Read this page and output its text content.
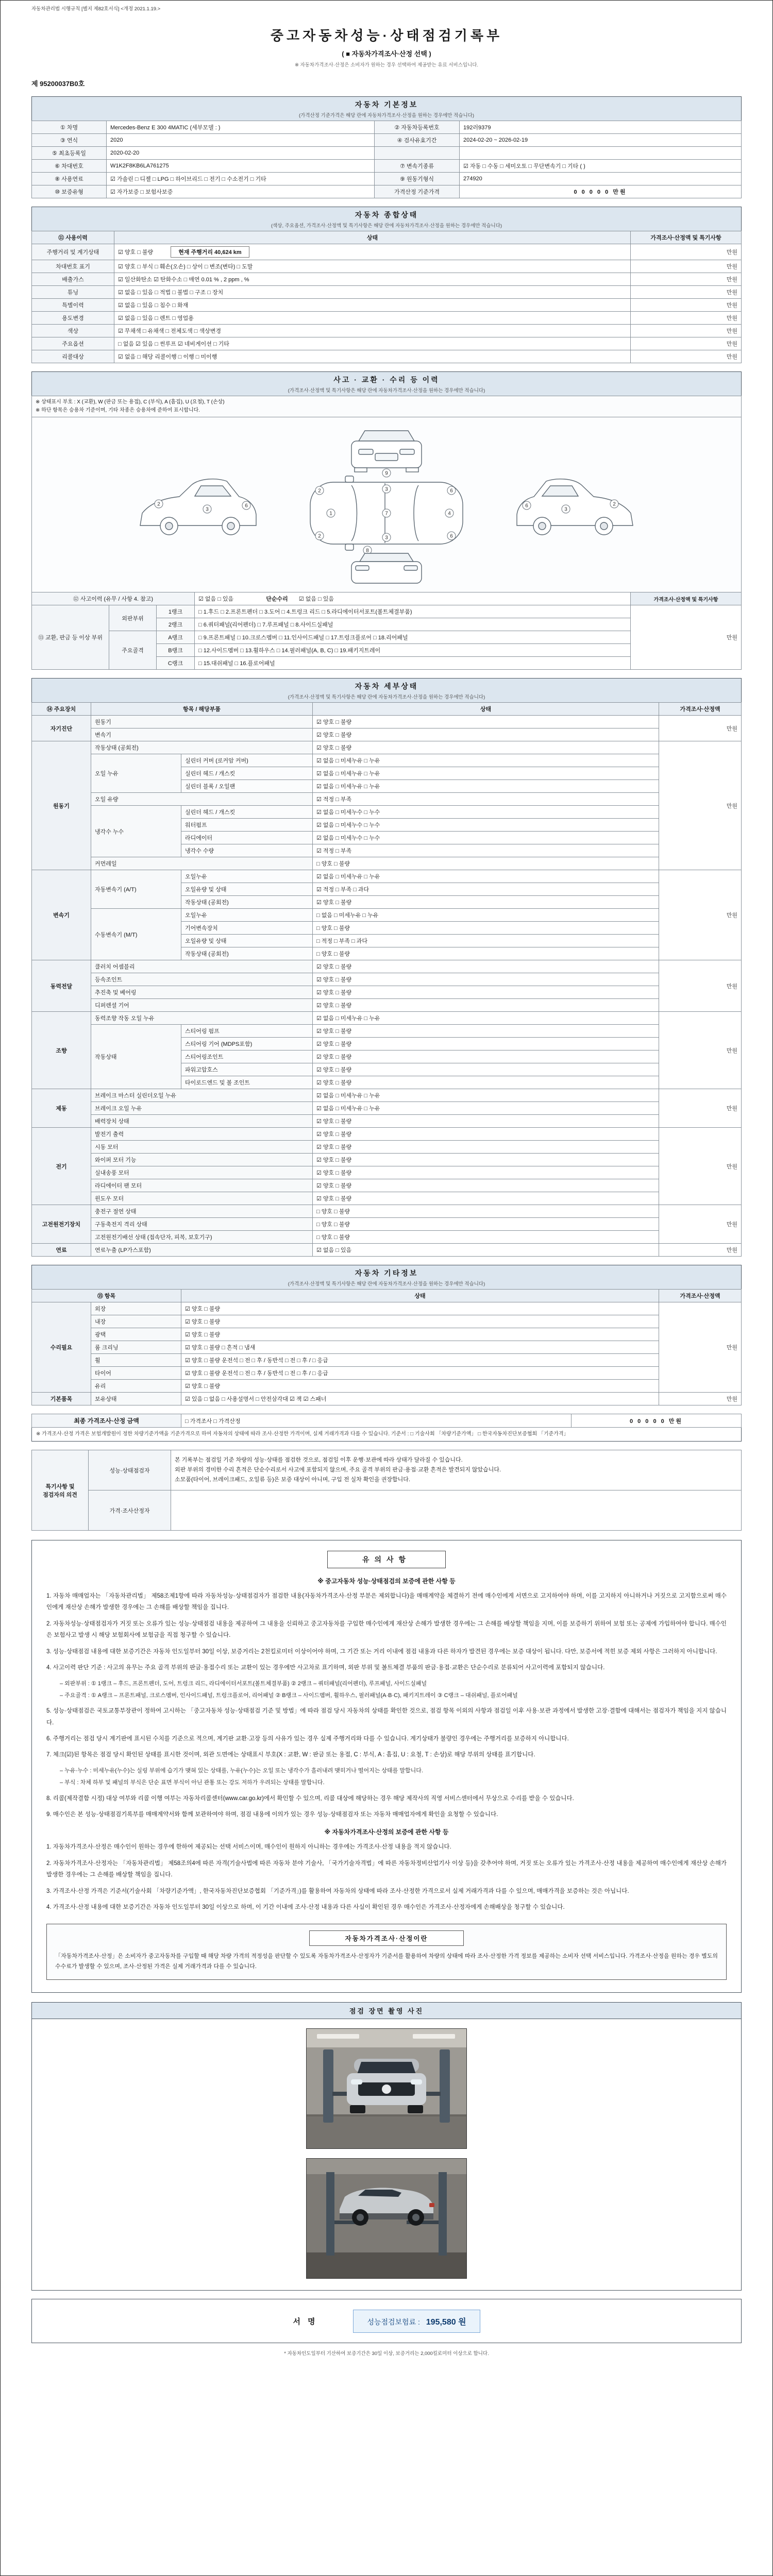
자동차관리법 시행규칙 [별지 제82호서식] <개정 2021.1.19.>
중고자동차성능·상태점검기록부
( ■ 자동차가격조사·산정 선택 )
※ 자동차가격조사·산정은 소비자가 원하는 경우 선택하여 제공받는 유료 서비스입니다.
제 95200037B0호
자동차 기본정보
(가격산정 기준가격은 해당 란에 자동차가격조사·산정을 원하는 경우에만 적습니다)
① 차명	Mercedes-Benz E 300 4MATIC (세부모델 : )	② 자동차등록번호	192러9379
③ 연식	2020	④ 검사유효기간	2024-02-20 ~ 2026-02-19
⑤ 최초등록일	2020-02-20		
⑥ 차대번호	W1K2F8KB6LA761275	⑦ 변속기종류	☑ 자동 □ 수동 □ 세미오토 □ 무단변속기 □ 기타 ( )
⑧ 사용연료	☑ 가솔린 □ 디젤 □ LPG □ 하이브리드 □ 전기 □ 수소전기 □ 기타	⑨ 원동기형식	274920
⑩ 보증유형	☑ 자가보증 □ 보험사보증	가격산정 기준가격	0 0 0 0 0 만원
자동차 종합상태
(색상, 주요옵션, 가격조사·산정액 및 특기사항은 해당 란에 자동차가격조사·산정을 원하는 경우에만 적습니다)
⑪ 사용이력	상태	가격조사·산정액 및 특기사항
주행거리 및 계기상태	☑ 양호 □ 불량 현재 주행거리 40,624 km	만원
차대번호 표기	☑ 양호 □ 부식 □ 훼손(오손) □ 상이 □ 변조(변타) □ 도말	만원
배출가스	☑ 일산화탄소 ☑ 탄화수소 □ 매연 0.01 % , 2 ppm , %	만원
튜닝	☑ 없음 □ 있음 □ 적법 □ 불법 □ 구조 □ 장치	만원
특별이력	☑ 없음 □ 있음 □ 침수 □ 화재	만원
용도변경	☑ 없음 □ 있음 □ 렌트 □ 영업용	만원
색상	☑ 무채색 □ 유채색 □ 전체도색 □ 색상변경	만원
주요옵션	□ 없음 ☑ 있음 □ 썬루프 ☑ 네비게이션 □ 기타	만원
리콜대상	☑ 없음 □ 해당 리콜이행 □ 이행 □ 미이행	만원
사고 · 교환 · 수리 등 이력
(가격조사·산정액 및 특기사항은 해당 란에 자동차가격조사·산정을 원하는 경우에만 적습니다)
※ 상태표시 부호 : X (교환), W (판금 또는 용접), C (부식), A (흠집), U (요철), T (손상)
※ 하단 항목은 승용차 기준이며, 기타 차종은 승용차에 준하여 표시합니다.				

2
3
6	2
3
6
9
1	7	4
3
3
2
2
6
6
8

⑫ 사고이력 (유무 / 사항 4. 참고)			☑ 없음 □ 있음 단순수리 ☑ 없음 □ 있음	가격조사·산정액 및 특기사항
⑬ 교환, 판금 등 이상 부위	외판부위	1랭크	□ 1.후드 □ 2.프론트펜더 □ 3.도어 □ 4.트렁크 리드 □ 5.라디에이터서포트(볼트체결부품)	만원
		2랭크	□ 6.쿼터패널(리어펜더) □ 7.루프패널 □ 8.사이드실패널	
	주요골격	A랭크	□ 9.프론트패널 □ 10.크로스멤버 □ 11.인사이드패널 □ 17.트렁크플로어 □ 18.리어패널	
		B랭크	□ 12.사이드멤버 □ 13.휠하우스 □ 14.필러패널(A, B, C) □ 19.패키지트레이	
		C랭크	□ 15.대쉬패널 □ 16.플로어패널	
자동차 세부상태
(가격조사·산정액 및 특기사항은 해당 란에 자동차가격조사·산정을 원하는 경우에만 적습니다)
⑭ 주요장치	항목 / 해당부품		상태	가격조사·산정액
자기진단	원동기		☑ 양호 □ 불량	만원
	변속기		☑ 양호 □ 불량	
원동기	작동상태 (공회전)		☑ 양호 □ 불량	만원
	오일 누유	실린더 커버 (로커암 커버)	☑ 없음 □ 미세누유 □ 누유	
		실린더 헤드 / 개스킷	☑ 없음 □ 미세누유 □ 누유	
		실린더 블록 / 오일팬	☑ 없음 □ 미세누유 □ 누유	
	오일 유량		☑ 적정 □ 부족	
	냉각수 누수	실린더 헤드 / 개스킷	☑ 없음 □ 미세누수 □ 누수	
		워터펌프	☑ 없음 □ 미세누수 □ 누수	
		라디에이터	☑ 없음 □ 미세누수 □ 누수	
		냉각수 수량	☑ 적정 □ 부족	
	커먼레일		□ 양호 □ 불량	
변속기	자동변속기 (A/T)	오일누유	☑ 없음 □ 미세누유 □ 누유	만원
		오일유량 및 상태	☑ 적정 □ 부족 □ 과다	
		작동상태 (공회전)	☑ 양호 □ 불량	
	수동변속기 (M/T)	오일누유	□ 없음 □ 미세누유 □ 누유	
		기어변속장치	□ 양호 □ 불량	
		오일유량 및 상태	□ 적정 □ 부족 □ 과다	
		작동상태 (공회전)	□ 양호 □ 불량	
동력전달	클러치 어셈블리		☑ 양호 □ 불량	만원
	등속조인트		☑ 양호 □ 불량	
	추진축 및 베어링		☑ 양호 □ 불량	
	디퍼렌셜 기어		☑ 양호 □ 불량	
조향	동력조향 작동 오일 누유		☑ 없음 □ 미세누유 □ 누유	만원
	작동상태	스티어링 펌프	☑ 양호 □ 불량	
		스티어링 기어 (MDPS포함)	☑ 양호 □ 불량	
		스티어링조인트	☑ 양호 □ 불량	
		파워고압호스	☑ 양호 □ 불량	
		타이로드엔드 및 볼 조인트	☑ 양호 □ 불량	
제동	브레이크 마스터 실린더오일 누유		☑ 없음 □ 미세누유 □ 누유	만원
	브레이크 오일 누유		☑ 없음 □ 미세누유 □ 누유	
	배력장치 상태		☑ 양호 □ 불량	
전기	발전기 출력		☑ 양호 □ 불량	만원
	시동 모터		☑ 양호 □ 불량	
	와이퍼 모터 기능		☑ 양호 □ 불량	
	실내송풍 모터		☑ 양호 □ 불량	
	라디에이터 팬 모터		☑ 양호 □ 불량	
	윈도우 모터		☑ 양호 □ 불량	
고전원전기장치	충전구 절연 상태		□ 양호 □ 불량	만원
	구동축전지 격리 상태		□ 양호 □ 불량	
	고전원전기배선 상태 (접속단자, 피복, 보호기구)		□ 양호 □ 불량	
연료	연료누출 (LP가스포함)		☑ 없음 □ 있음	만원
자동차 기타정보
(가격조사·산정액 및 특기사항은 해당 란에 자동차가격조사·산정을 원하는 경우에만 적습니다)
⑮ 항목		상태	가격조사·산정액
수리필요	외장	☑ 양호 □ 불량	만원
	내장	☑ 양호 □ 불량	
	광택	☑ 양호 □ 불량	
	룸 크리닝	☑ 양호 □ 불량 □ 흔적 □ 냄새	
	휠	☑ 양호 □ 불량 운전석 □ 전 □ 후 / 동반석 □ 전 □ 후 / □ 응급	
	타이어	☑ 양호 □ 불량 운전석 □ 전 □ 후 / 동반석 □ 전 □ 후 / □ 응급	
	유리	☑ 양호 □ 불량	
기본품목	보유상태	☑ 있음 □ 없음 □ 사용설명서 □ 안전삼각대 ☑ 잭 ☑ 스패너	만원
최종 가격조사·산정 금액	□ 가격조사 □ 가격산정	0 0 0 0 0 만원
※ 가격조사·산정 가격은 보험개발원이 정한 차량기준가액을 기준가격으로 하여 자동차의 상태에 따라 조사·산정한 가격이며, 실제 거래가격과 다를 수 있습니다. 기준서 : □ 기술사회 「차량기준가액」 □ 한국자동차진단보증협회 「기준가격」
특기사항 및 점검자의 의견	성능·상태점검자	본 기록부는 점검일 기준 차량의 성능·상태를 점검한 것으로, 점검일 이후 운행·보관에 따라 상태가 달라질 수 있습니다.
외판 부위의 경미한 수리 흔적은 단순수리로서 사고에 포함되지 않으며, 주요 골격 부위의 판금·용접·교환 흔적은 발견되지 않았습니다.
소모품(타이어, 브레이크패드, 오일류 등)은 보증 대상이 아니며, 구입 전 실차 확인을 권장합니다.

	가격·조사산정자	
유의사항

※ 중고자동차 성능·상태점검의 보증에 관한 사항 등

1. 자동차 매매업자는 「자동차관리법」 제58조제1항에 따라 자동차성능·상태점검자가 점검한 내용(자동차가격조사·산정 부분은 제외합니다)을 매매계약을 체결하기 전에 매수인에게 서면으로 고지하여야 하며, 이를 고지하지 아니하거나 거짓으로 고지함으로써 매수인에게 재산상 손해가 발생한 경우에는 그 손해를 배상할 책임을 집니다.

2. 자동차성능·상태점검자가 거짓 또는 오류가 있는 성능·상태점검 내용을 제공하여 그 내용을 신뢰하고 중고자동차를 구입한 매수인에게 재산상 손해가 발생한 경우에는 그 손해를 배상할 책임을 지며, 이를 보증하기 위하여 보험 또는 공제에 가입하여야 합니다. 매수인은 보험사고 발생 시 해당 보험회사에 보험금을 직접 청구할 수 있습니다.

3. 성능·상태점검 내용에 대한 보증기간은 자동차 인도일부터 30일 이상, 보증거리는 2천킬로미터 이상이어야 하며, 그 기간 또는 거리 이내에 점검 내용과 다른 하자가 발견된 경우에는 보증 대상이 됩니다. 다만, 보증서에 적힌 보증 제외 사항은 그러하지 아니합니다.

4. 사고이력 판단 기준 : 사고의 유무는 주요 골격 부위의 판금·용접수리 또는 교환이 있는 경우에만 사고차로 표기하며, 외판 부위 및 볼트체결 부품의 판금·용접·교환은 단순수리로 분류되어 사고이력에 포함되지 않습니다.

– 외판부위 : ① 1랭크 – 후드, 프론트펜더, 도어, 트렁크 리드, 라디에이터서포트(볼트체결부품) ② 2랭크 – 쿼터패널(리어펜더), 루프패널, 사이드실패널

– 주요골격 : ① A랭크 – 프론트패널, 크로스멤버, 인사이드패널, 트렁크플로어, 리어패널 ② B랭크 – 사이드멤버, 휠하우스, 필러패널(A·B·C), 패키지트레이 ③ C랭크 – 대쉬패널, 플로어패널

5. 성능·상태점검은 국토교통부장관이 정하여 고시하는 「중고자동차 성능·상태점검 기준 및 방법」에 따라 점검 당시 자동차의 상태를 확인한 것으로, 점검 항목 이외의 사항과 점검일 이후 사용·보관 과정에서 발생한 고장·결함에 대해서는 점검자가 책임을 지지 않습니다.

6. 주행거리는 점검 당시 계기판에 표시된 수치를 기준으로 적으며, 계기판 교환·고장 등의 사유가 있는 경우 실제 주행거리와 다를 수 있습니다. 계기상태가 불량인 경우에는 주행거리를 보증하지 아니합니다.

7. 체크(☑)된 항목은 점검 당시 확인된 상태를 표시한 것이며, 외관 도면에는 상태표시 부호(X : 교환, W : 판금 또는 용접, C : 부식, A : 흠집, U : 요철, T : 손상)로 해당 부위의 상태를 표기합니다.

– 누유·누수 : 미세누유(누수)는 실링 부위에 습기가 맺혀 있는 상태를, 누유(누수)는 오일 또는 냉각수가 흘러내려 맺히거나 떨어지는 상태를 말합니다.

– 부식 : 차체 하부 및 패널의 부식은 단순 표면 부식이 아닌 관통 또는 강도 저하가 우려되는 상태를 말합니다.

8. 리콜(제작결함 시정) 대상 여부와 리콜 이행 여부는 자동차리콜센터(www.car.go.kr)에서 확인할 수 있으며, 리콜 대상에 해당하는 경우 해당 제작사의 직영 서비스센터에서 무상으로 수리를 받을 수 있습니다.

9. 매수인은 본 성능·상태점검기록부를 매매계약서와 함께 보관하여야 하며, 점검 내용에 이의가 있는 경우 성능·상태점검자 또는 자동차 매매업자에게 확인을 요청할 수 있습니다.

※ 자동차가격조사·산정의 보증에 관한 사항 등

1. 자동차가격조사·산정은 매수인이 원하는 경우에 한하여 제공되는 선택 서비스이며, 매수인이 원하지 아니하는 경우에는 가격조사·산정 내용을 적지 않습니다.

2. 자동차가격조사·산정자는 「자동차관리법」 제58조의4에 따른 자격(기술사법에 따른 자동차 분야 기술사, 「국가기술자격법」에 따른 자동차정비산업기사 이상 등)을 갖추어야 하며, 거짓 또는 오류가 있는 가격조사·산정 내용을 제공하여 매수인에게 재산상 손해가 발생한 경우에는 그 손해를 배상할 책임을 집니다.

3. 가격조사·산정 가격은 기준서(기술사회 「차량기준가액」, 한국자동차진단보증협회 「기준가격」)를 활용하여 자동차의 상태에 따라 조사·산정한 가격으로서 실제 거래가격과 다를 수 있으며, 매매가격을 보증하는 것은 아닙니다.

4. 가격조사·산정 내용에 대한 보증기간은 자동차 인도일부터 30일 이상으로 하며, 이 기간 이내에 조사·산정 내용과 다른 사실이 확인된 경우 매수인은 가격조사·산정자에게 손해배상을 청구할 수 있습니다.

자동차가격조사·산정이란

「자동차가격조사·산정」은 소비자가 중고자동차를 구입할 때 해당 차량 가격의 적정성을 판단할 수 있도록 자동차가격조사·산정자가 기준서를 활용하여 차량의 상태에 따라 조사·산정한 가격 정보를 제공하는 소비자 선택 서비스입니다. 가격조사·산정을 원하는 경우 별도의 수수료가 발생할 수 있으며, 조사·산정된 가격은 실제 거래가격과 다를 수 있습니다.

점검 장면 촬영 사진
서명	성능점검보험료 : 195,580 원
* 자동차인도일부터 기산하여 보증기간은 30일 이상, 보증거리는 2,000킬로미터 이상으로 합니다.
